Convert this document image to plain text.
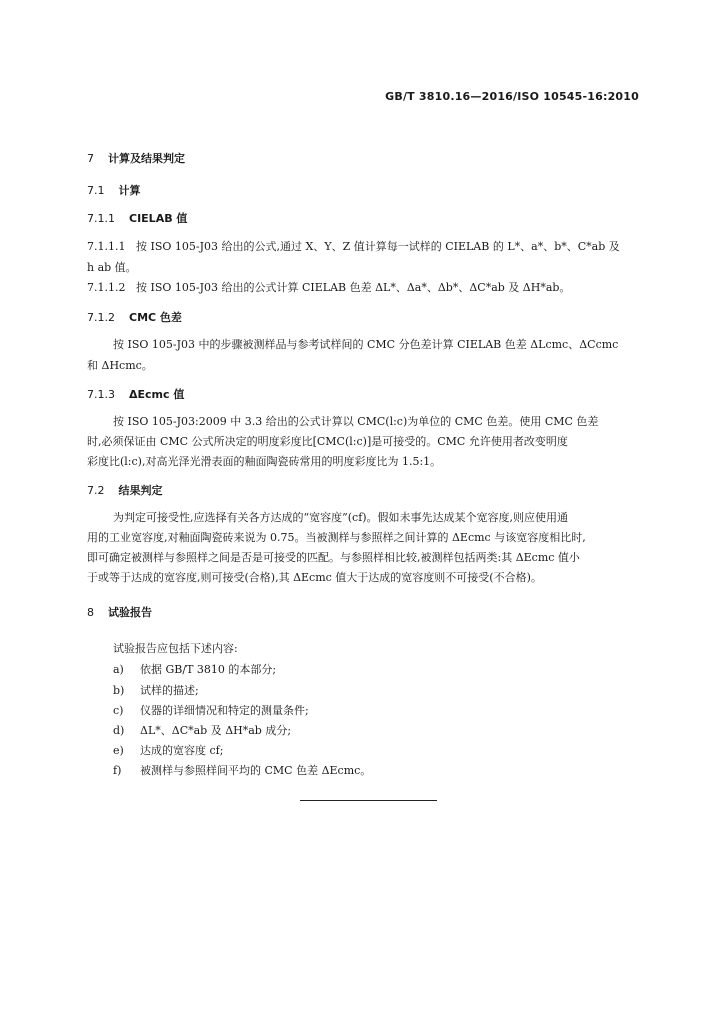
GB/T 3810.16—2016/ISO 10545-16:2010
7 计算及结果判定
7.1 计算
7.1.1 CIELAB 值
7.1.1.1 按 ISO 105-J03 给出的公式,通过 X、Y、Z 值计算每一试样的 CIELAB 的 L*、a*、b*、C*ab 及
h ab 值。
7.1.1.2 按 ISO 105-J03 给出的公式计算 CIELAB 色差 ΔL*、Δa*、Δb*、ΔC*ab 及 ΔH*ab。
7.1.2 CMC 色差
按 ISO 105-J03 中的步骤被测样品与参考试样间的 CMC 分色差计算 CIELAB 色差 ΔLcmc、ΔCcmc
和 ΔHcmc。
7.1.3 ΔEcmc 值
按 ISO 105-J03:2009 中 3.3 给出的公式计算以 CMC(l:c)为单位的 CMC 色差。使用 CMC 色差
时,必须保证由 CMC 公式所决定的明度彩度比[CMC(l:c)]是可接受的。CMC 允许使用者改变明度
彩度比(l:c),对高光泽光滑表面的釉面陶瓷砖常用的明度彩度比为 1.5:1。
7.2 结果判定
为判定可接受性,应选择有关各方达成的“宽容度”(cf)。假如未事先达成某个宽容度,则应使用通
用的工业宽容度,对釉面陶瓷砖来说为 0.75。当被测样与参照样之间计算的 ΔEcmc 与该宽容度相比时,
即可确定被测样与参照样之间是否是可接受的匹配。与参照样相比较,被测样包括两类:其 ΔEcmc 值小
于或等于达成的宽容度,则可接受(合格),其 ΔEcmc 值大于达成的宽容度则不可接受(不合格)。
8 试验报告
试验报告应包括下述内容:
a) 依据 GB/T 3810 的本部分;
b) 试样的描述;
c) 仪器的详细情况和特定的测量条件;
d) ΔL*、ΔC*ab 及 ΔH*ab 成分;
e) 达成的宽容度 cf;
f) 被测样与参照样间平均的 CMC 色差 ΔEcmc。
